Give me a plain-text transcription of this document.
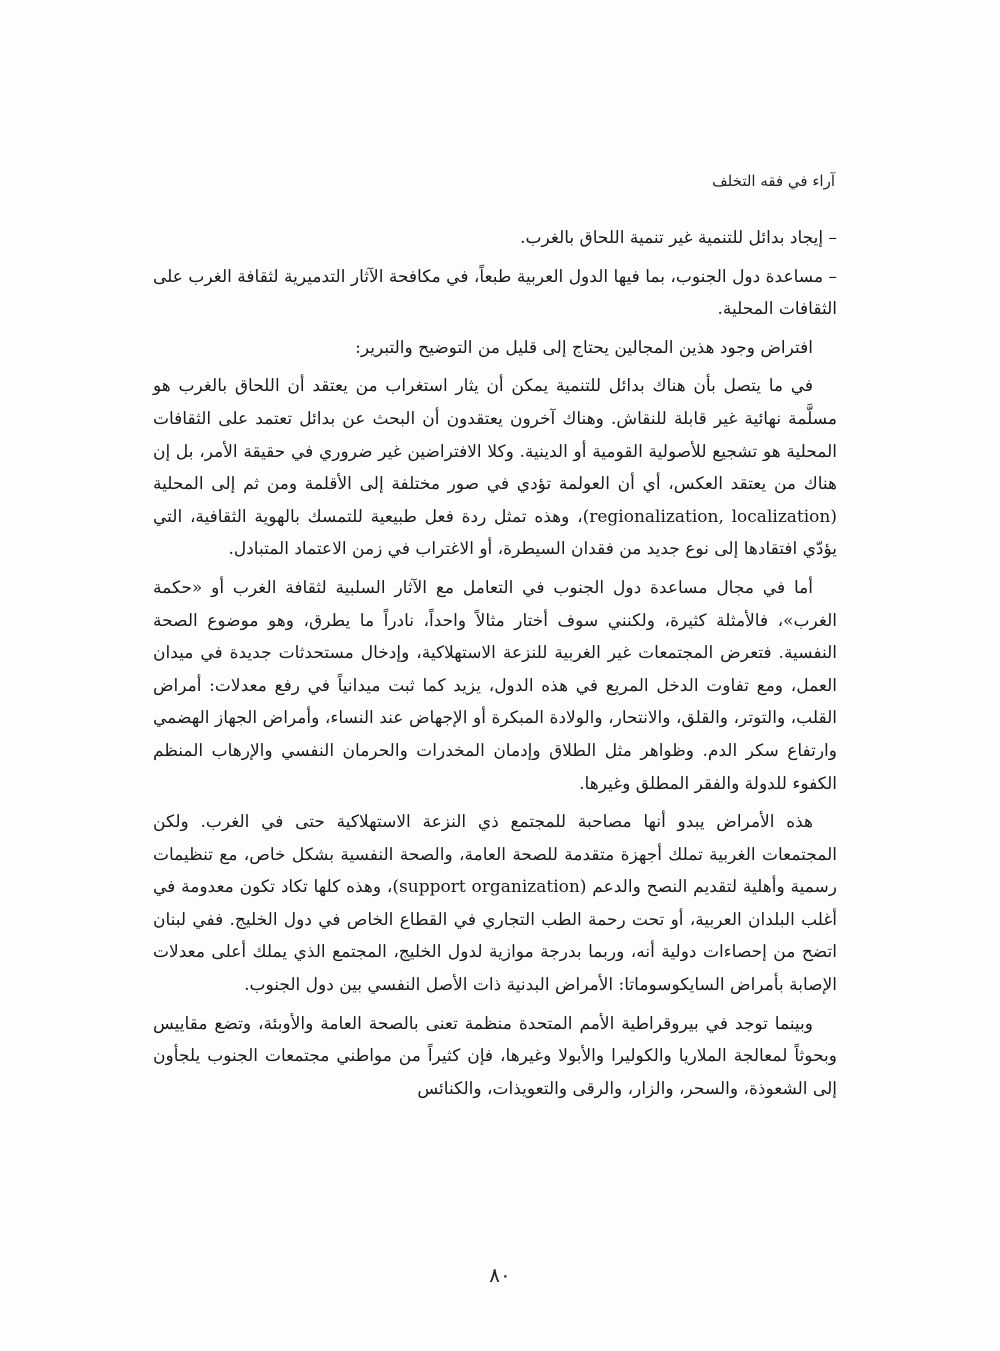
آراء في فقه التخلف

– إيجاد بدائل للتنمية غير تنمية اللحاق بالغرب.

– مساعدة دول الجنوب، بما فيها الدول العربية طبعاً، في مكافحة الآثار التدميرية لثقافة الغرب على الثقافات المحلية.

افتراض وجود هذين المجالين يحتاج إلى قليل من التوضيح والتبرير:

في ما يتصل بأن هناك بدائل للتنمية يمكن أن يثار استغراب من يعتقد أن اللحاق بالغرب هو مسلَّمة نهائية غير قابلة للنقاش. وهناك آخرون يعتقدون أن البحث عن بدائل تعتمد على الثقافات المحلية هو تشجيع للأصولية القومية أو الدينية. وكلا الافتراضين غير ضروري في حقيقة الأمر، بل إن هناك من يعتقد العكس، أي أن العولمة تؤدي في صور مختلفة إلى الأقلمة ومن ثم إلى المحلية (regionalization, localization)، وهذه تمثل ردة فعل طبيعية للتمسك بالهوية الثقافية، التي يؤدّي افتقادها إلى نوع جديد من فقدان السيطرة، أو الاغتراب في زمن الاعتماد المتبادل.

أما في مجال مساعدة دول الجنوب في التعامل مع الآثار السلبية لثقافة الغرب أو «حكمة الغرب»، فالأمثلة كثيرة، ولكنني سوف أختار مثالاً واحداً، نادراً ما يطرق، وهو موضوع الصحة النفسية. فتعرض المجتمعات غير الغربية للنزعة الاستهلاكية، وإدخال مستحدثات جديدة في ميدان العمل، ومع تفاوت الدخل المريع في هذه الدول، يزيد كما ثبت ميدانياً في رفع معدلات: أمراض القلب، والتوتر، والقلق، والانتحار، والولادة المبكرة أو الإجهاض عند النساء، وأمراض الجهاز الهضمي وارتفاع سكر الدم. وظواهر مثل الطلاق وإدمان المخدرات والحرمان النفسي والإرهاب المنظم الكفوء للدولة والفقر المطلق وغيرها.

هذه الأمراض يبدو أنها مصاحبة للمجتمع ذي النزعة الاستهلاكية حتى في الغرب. ولكن المجتمعات الغربية تملك أجهزة متقدمة للصحة العامة، والصحة النفسية بشكل خاص، مع تنظيمات رسمية وأهلية لتقديم النصح والدعم (support organization)، وهذه كلها تكاد تكون معدومة في أغلب البلدان العربية، أو تحت رحمة الطب التجاري في القطاع الخاص في دول الخليج. ففي لبنان اتضح من إحصاءات دولية أنه، وربما بدرجة موازية لدول الخليج، المجتمع الذي يملك أعلى معدلات الإصابة بأمراض السايكوسوماتا: الأمراض البدنية ذات الأصل النفسي بين دول الجنوب.

وبينما توجد في بيروقراطية الأمم المتحدة منظمة تعنى بالصحة العامة والأوبئة، وتضع مقاييس وبحوثاً لمعالجة الملاريا والكوليرا والأبولا وغيرها، فإن كثيراً من مواطني مجتمعات الجنوب يلجأون إلى الشعوذة، والسحر، والزار، والرقى والتعويذات، والكنائس

٨٠
